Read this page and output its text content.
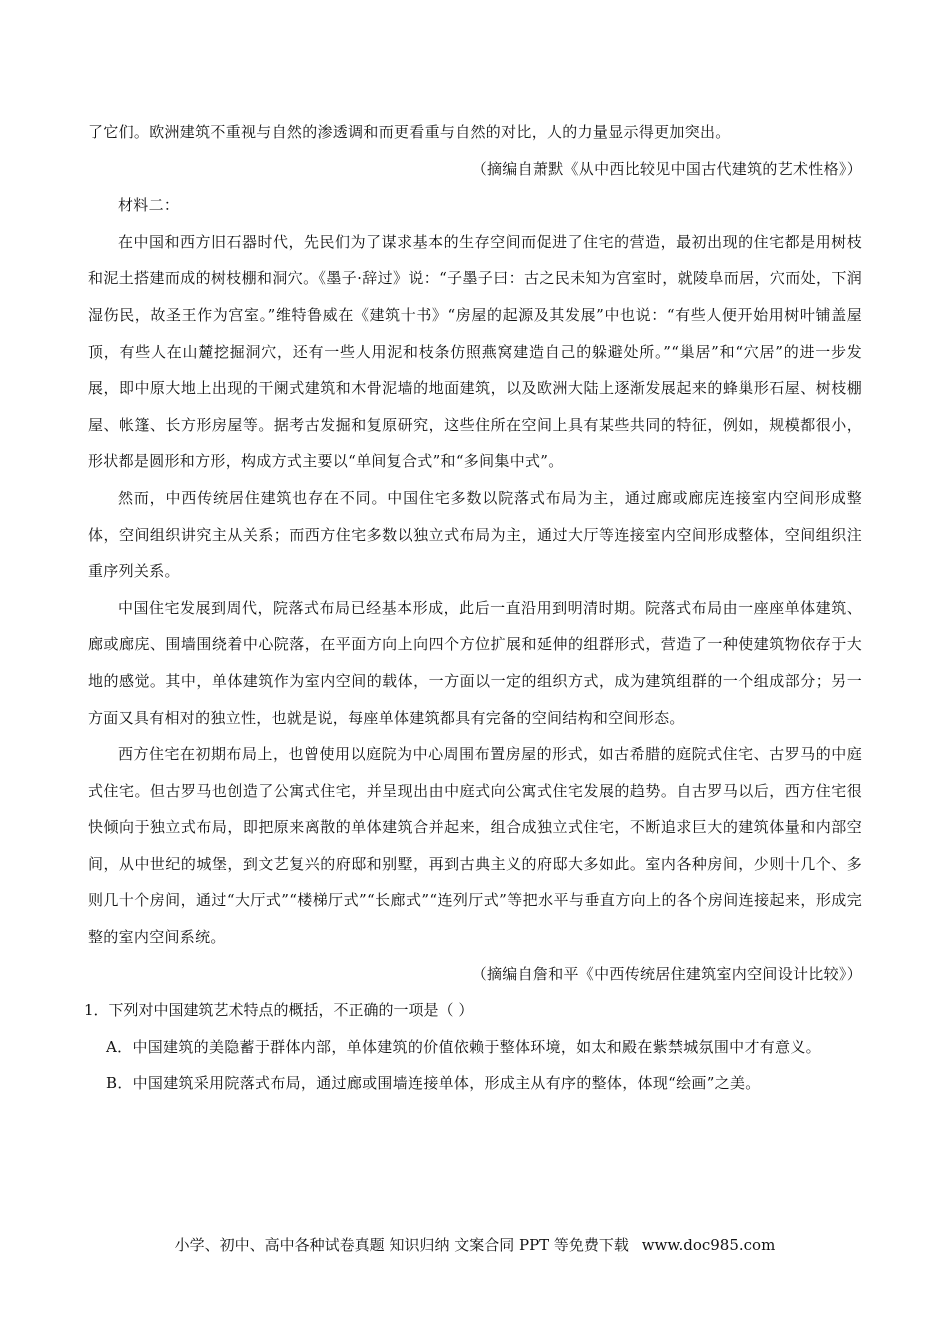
了它们。欧洲建筑不重视与自然的渗透调和而更看重与自然的对比，人的力量显示得更加突出。

（摘编自萧默《从中西比较见中国古代建筑的艺术性格》）

材料二：

在中国和西方旧石器时代，先民们为了谋求基本的生存空间而促进了住宅的营造，最初出现的住宅都是用树枝和泥土搭建而成的树枝棚和洞穴。《墨子·辞过》说：“子墨子曰：古之民未知为宫室时，就陵阜而居，穴而处，下润湿伤民，故圣王作为宫室。”维特鲁威在《建筑十书》“房屋的起源及其发展”中也说：“有些人便开始用树叶铺盖屋顶，有些人在山麓挖掘洞穴，还有一些人用泥和枝条仿照燕窝建造自己的躲避处所。”“巢居”和“穴居”的进一步发展，即中原大地上出现的干阑式建筑和木骨泥墙的地面建筑，以及欧洲大陆上逐渐发展起来的蜂巢形石屋、树枝棚屋、帐篷、长方形房屋等。据考古发掘和复原研究，这些住所在空间上具有某些共同的特征，例如，规模都很小，形状都是圆形和方形，构成方式主要以“单间复合式”和“多间集中式”。

然而，中西传统居住建筑也存在不同。中国住宅多数以院落式布局为主，通过廊或廊庑连接室内空间形成整体，空间组织讲究主从关系；而西方住宅多数以独立式布局为主，通过大厅等连接室内空间形成整体，空间组织注重序列关系。

中国住宅发展到周代，院落式布局已经基本形成，此后一直沿用到明清时期。院落式布局由一座座单体建筑、廊或廊庑、围墙围绕着中心院落，在平面方向上向四个方位扩展和延伸的组群形式，营造了一种使建筑物依存于大地的感觉。其中，单体建筑作为室内空间的载体，一方面以一定的组织方式，成为建筑组群的一个组成部分；另一方面又具有相对的独立性，也就是说，每座单体建筑都具有完备的空间结构和空间形态。

西方住宅在初期布局上，也曾使用以庭院为中心周围布置房屋的形式，如古希腊的庭院式住宅、古罗马的中庭式住宅。但古罗马也创造了公寓式住宅，并呈现出由中庭式向公寓式住宅发展的趋势。自古罗马以后，西方住宅很快倾向于独立式布局，即把原来离散的单体建筑合并起来，组合成独立式住宅，不断追求巨大的建筑体量和内部空间，从中世纪的城堡，到文艺复兴的府邸和别墅，再到古典主义的府邸大多如此。室内各种房间，少则十几个、多则几十个房间，通过“大厅式”“楼梯厅式”“长廊式”“连列厅式”等把水平与垂直方向上的各个房间连接起来，形成完整的室内空间系统。

（摘编自詹和平《中西传统居住建筑室内空间设计比较》）

1．下列对中国建筑艺术特点的概括，不正确的一项是（ ）

A．中国建筑的美隐蓄于群体内部，单体建筑的价值依赖于整体环境，如太和殿在紫禁城氛围中才有意义。

B．中国建筑采用院落式布局，通过廊或围墙连接单体，形成主从有序的整体，体现“绘画”之美。

小学、初中、高中各种试卷真题 知识归纳 文案合同 PPT 等免费下载 www.doc985.com
